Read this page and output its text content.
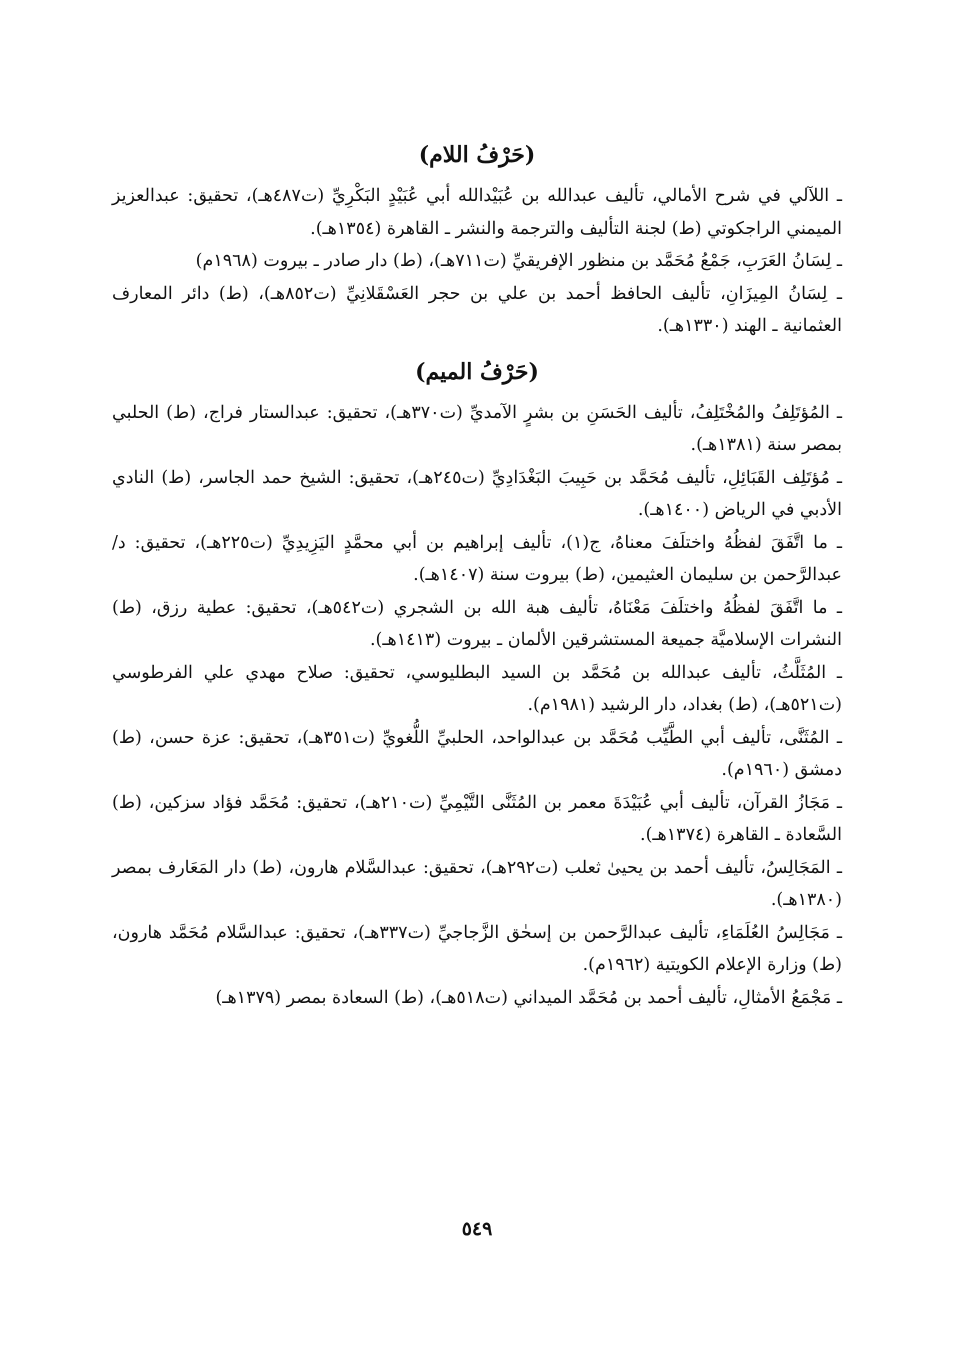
(حَرْفُ اللام)

ـ اللآلي في شرح الأمالي، تأليف عبدالله بن عُبَيْدالله أبي عُبَيْدٍ البَكْرِيِّ (ت٤٨٧هـ)، تحقيق: عبدالعزيز الميمني الراجكوتي (ط) لجنة التأليف والترجمة والنشر ـ القاهرة (١٣٥٤هـ).

ـ لِسَانُ العَرَبِ، جَمْعُ مُحَمَّد بن منظور الإفريقيِّ (ت٧١١هـ)، (ط) دار صادر ـ بيروت (١٩٦٨م)

ـ لِسَانُ المِيزَانِ، تأليف الحافظ أحمد بن علي بن حجر العَسْقَلانِيِّ (ت٨٥٢هـ)، (ط) دائر المعارف العثمانية ـ الهند (١٣٣٠هـ).

(حَرْفُ الميم)

ـ المُؤتَلِفُ والمُخْتَلِفُ، تأليف الحَسَنِ بن بشرٍ الآمديِّ (ت٣٧٠هـ)، تحقيق: عبدالستار فراج، (ط) الحلبي بمصر سنة (١٣٨١هـ).

ـ مُؤتَلِف القَبَائِلِ، تأليف مُحَمَّد بن حَبِيبَ البَغْدَادِيِّ (ت٢٤٥هـ)، تحقيق: الشيخ حمد الجاسر، (ط) النادي الأدبي في الرياض (١٤٠٠هـ).

ـ ما اتَّفَقَ لفظُهُ واختلَفَ معناهُ، ج(١)، تأليف إبراهيم بن أبي محمَّدٍ اليَزِيدِيِّ (ت٢٢٥هـ)، تحقيق: د/ عبدالرَّحمن بن سليمان العثيمين، (ط) بيروت سنة (١٤٠٧هـ).

ـ ما اتَّفَقَ لفظُهُ واختلَفَ مَعْنَاهُ، تأليف هبة الله بن الشجري (ت٥٤٢هـ)، تحقيق: عطية رزق، (ط) النشرات الإسلاميَّة جميعة المستشرقين الألمان ـ بيروت (١٤١٣هـ).

ـ المُثَلَّثُ، تأليف عبدالله بن مُحَمَّد بن السيد البطليوسي، تحقيق: صلاح مهدي علي الفرطوسي (ت٥٢١هـ)، (ط) بغداد، دار الرشيد (١٩٨١م).

ـ المُثَنَّى، تأليف أبي الطَّيِّب مُحَمَّد بن عبدالواحد، الحلبيِّ اللُّغويِّ (ت٣٥١هـ)، تحقيق: عزة حسن، (ط) دمشق (١٩٦٠م).

ـ مَجَازُ القرآن، تأليف أبي عُبَيْدَةَ معمر بن المُثَنَّى التَّيْمِيِّ (ت٢١٠هـ)، تحقيق: مُحَمَّد فؤاد سزكين، (ط) السَّعادة ـ القاهرة (١٣٧٤هـ).

ـ المَجَالِسُ، تأليف أحمد بن يحيىٰ ثعلب (ت٢٩٢هـ)، تحقيق: عبدالسَّلام هارون، (ط) دار المَعَارف بمصر (١٣٨٠هـ).

ـ مَجَالِسُ العُلَمَاءِ، تأليف عبدالرَّحمن بن إسحٰق الزَّجاجيِّ (ت٣٣٧هـ)، تحقيق: عبدالسَّلام مُحَمَّد هارون، (ط) وزارة الإعلام الكويتية (١٩٦٢م).

ـ مَجْمَعُ الأمثالِ، تأليف أحمد بن مُحَمَّد الميداني (ت٥١٨هـ)، (ط) السعادة بمصر (١٣٧٩هـ)

٥٤٩
